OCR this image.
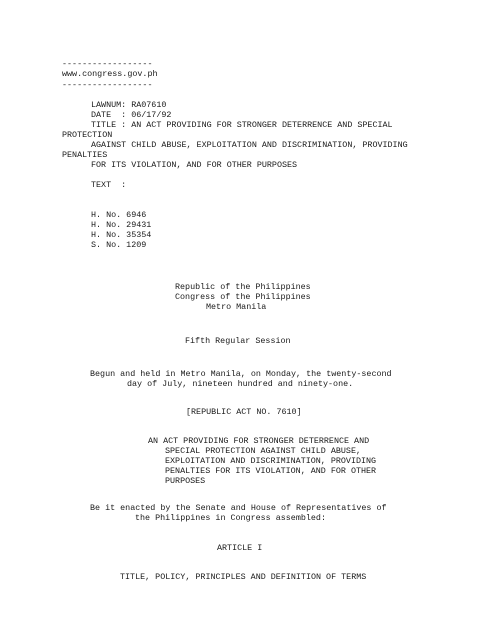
------------------
www.congress.gov.ph
------------------
LAWNUM: RA07610
DATE  : 06/17/92
TITLE : AN ACT PROVIDING FOR STRONGER DETERRENCE AND SPECIAL
PROTECTION
AGAINST CHILD ABUSE, EXPLOITATION AND DISCRIMINATION, PROVIDING
PENALTIES
FOR ITS VIOLATION, AND FOR OTHER PURPOSES
TEXT  :
H. No. 6946
H. No. 29431
H. No. 35354
S. No. 1209
Republic of the Philippines
Congress of the Philippines
Metro Manila
Fifth Regular Session
Begun and held in Metro Manila, on Monday, the twenty-second
day of July, nineteen hundred and ninety-one.
[REPUBLIC ACT NO. 7610]
AN ACT PROVIDING FOR STRONGER DETERRENCE AND
SPECIAL PROTECTION AGAINST CHILD ABUSE,
EXPLOITATION AND DISCRIMINATION, PROVIDING
PENALTIES FOR ITS VIOLATION, AND FOR OTHER
PURPOSES
Be it enacted by the Senate and House of Representatives of
the Philippines in Congress assembled:
ARTICLE I
TITLE, POLICY, PRINCIPLES AND DEFINITION OF TERMS
